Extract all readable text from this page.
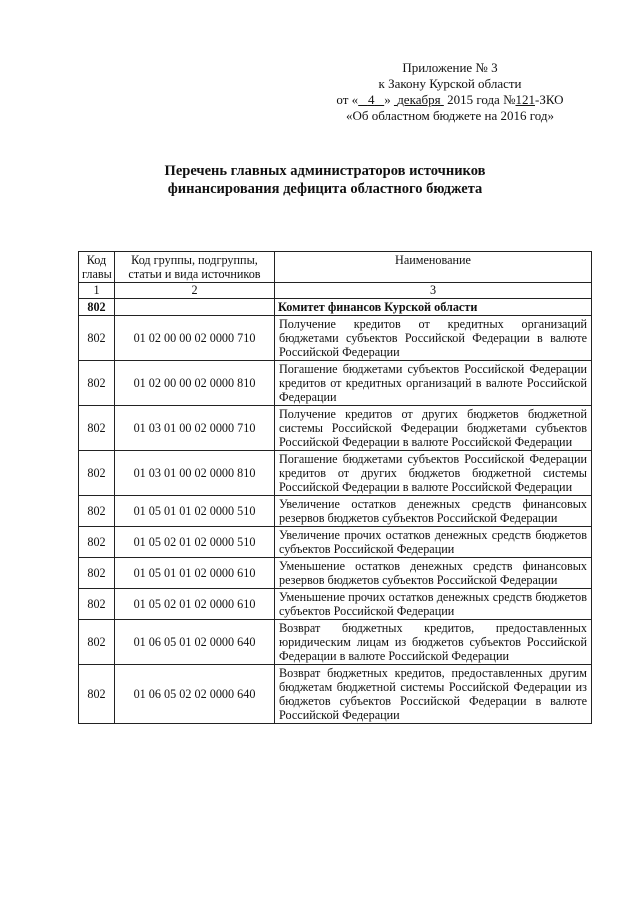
Приложение № 3
к Закону Курской области
от « 4 » декабря 2015 года №121-ЗКО
«Об областном бюджете на 2016 год»
Перечень главных администраторов источников
финансирования дефицита областного бюджета
Код главы	Код группы, подгруппы, статьи и вида источников	Наименование
1	2	3
802		Комитет финансов Курской области
802	01 02 00 00 02 0000 710	Получение кредитов от кредитных организаций бюджетами субъектов Российской Федерации в валюте Российской Федерации
802	01 02 00 00 02 0000 810	Погашение бюджетами субъектов Российской Федерации кредитов от кредитных организаций в валюте Российской Федерации
802	01 03 01 00 02 0000 710	Получение кредитов от других бюджетов бюджетной системы Российской Федерации бюджетами субъектов Российской Федерации в валюте Российской Федерации
802	01 03 01 00 02 0000 810	Погашение бюджетами субъектов Российской Федерации кредитов от других бюджетов бюджетной системы Российской Федерации в валюте Российской Федерации
802	01 05 01 01 02 0000 510	Увеличение остатков денежных средств финансовых резервов бюджетов субъектов Российской Федерации
802	01 05 02 01 02 0000 510	Увеличение прочих остатков денежных средств бюджетов субъектов Российской Федерации
802	01 05 01 01 02 0000 610	Уменьшение остатков денежных средств финансовых резервов бюджетов субъектов Российской Федерации
802	01 05 02 01 02 0000 610	Уменьшение прочих остатков денежных средств бюджетов субъектов Российской Федерации
802	01 06 05 01 02 0000 640	Возврат бюджетных кредитов, предоставленных юридическим лицам из бюджетов субъектов Российской Федерации в валюте Российской Федерации
802	01 06 05 02 02 0000 640	Возврат бюджетных кредитов, предоставленных другим бюджетам бюджетной системы Российской Федерации из бюджетов субъектов Российской Федерации в валюте Российской Федерации
